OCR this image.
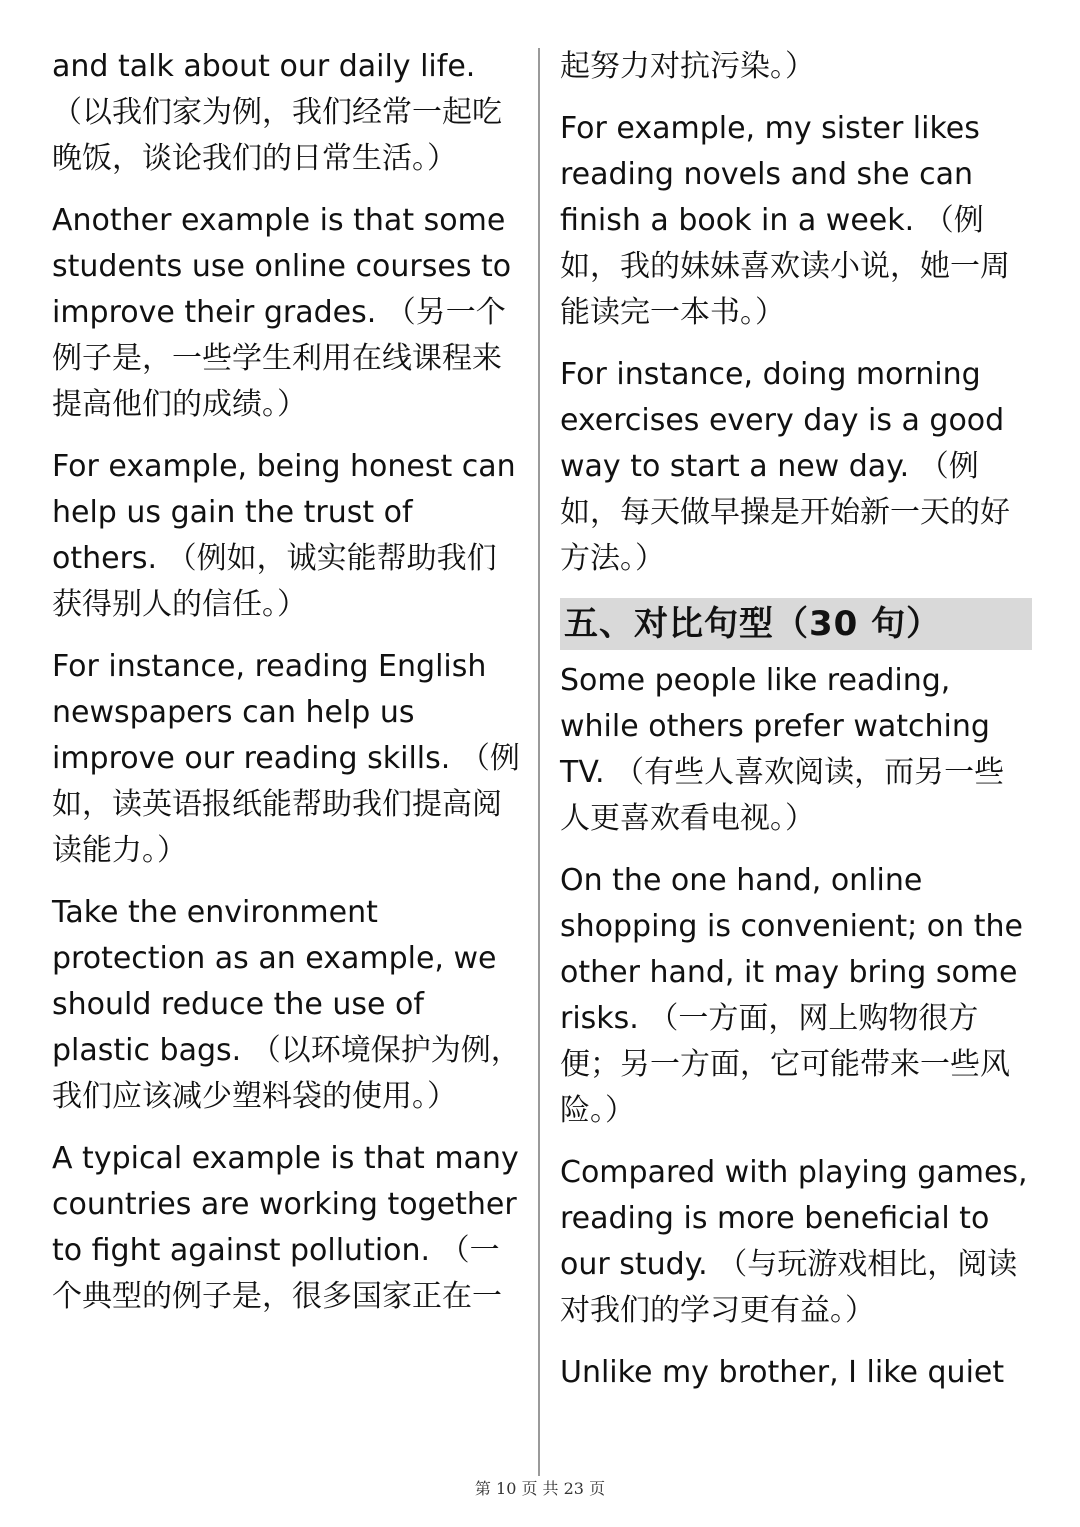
and talk about our daily life. （以我们家为例，我们经常一起吃晚饭，谈论我们的日常生活。）

Another example is that some students use online courses to improve their grades. （另一个例子是，一些学生利用在线课程来提高他们的成绩。）

For example, being honest can help us gain the trust of others. （例如，诚实能帮助我们获得别人的信任。）

For instance, reading English newspapers can help us improve our reading skills. （例如，读英语报纸能帮助我们提高阅读能力。）

Take the environment protection as an example, we should reduce the use of plastic bags. （以环境保护为例，我们应该减少塑料袋的使用。）

A typical example is that many countries are working together to fight against pollution. （一个典型的例子是，很多国家正在一

起努力对抗污染。）

For example, my sister likes reading novels and she can finish a book in a week. （例如，我的妹妹喜欢读小说，她一周能读完一本书。）

For instance, doing morning exercises every day is a good way to start a new day. （例如，每天做早操是开始新一天的好方法。）

五、对比句型（30 句）

Some people like reading, while others prefer watching TV. （有些人喜欢阅读，而另一些人更喜欢看电视。）

On the one hand, online shopping is convenient; on the other hand, it may bring some risks. （一方面，网上购物很方便；另一方面，它可能带来一些风险。）

Compared with playing games, reading is more beneficial to our study. （与玩游戏相比，阅读对我们的学习更有益。）

Unlike my brother, I like quiet

第 10 页 共 23 页
